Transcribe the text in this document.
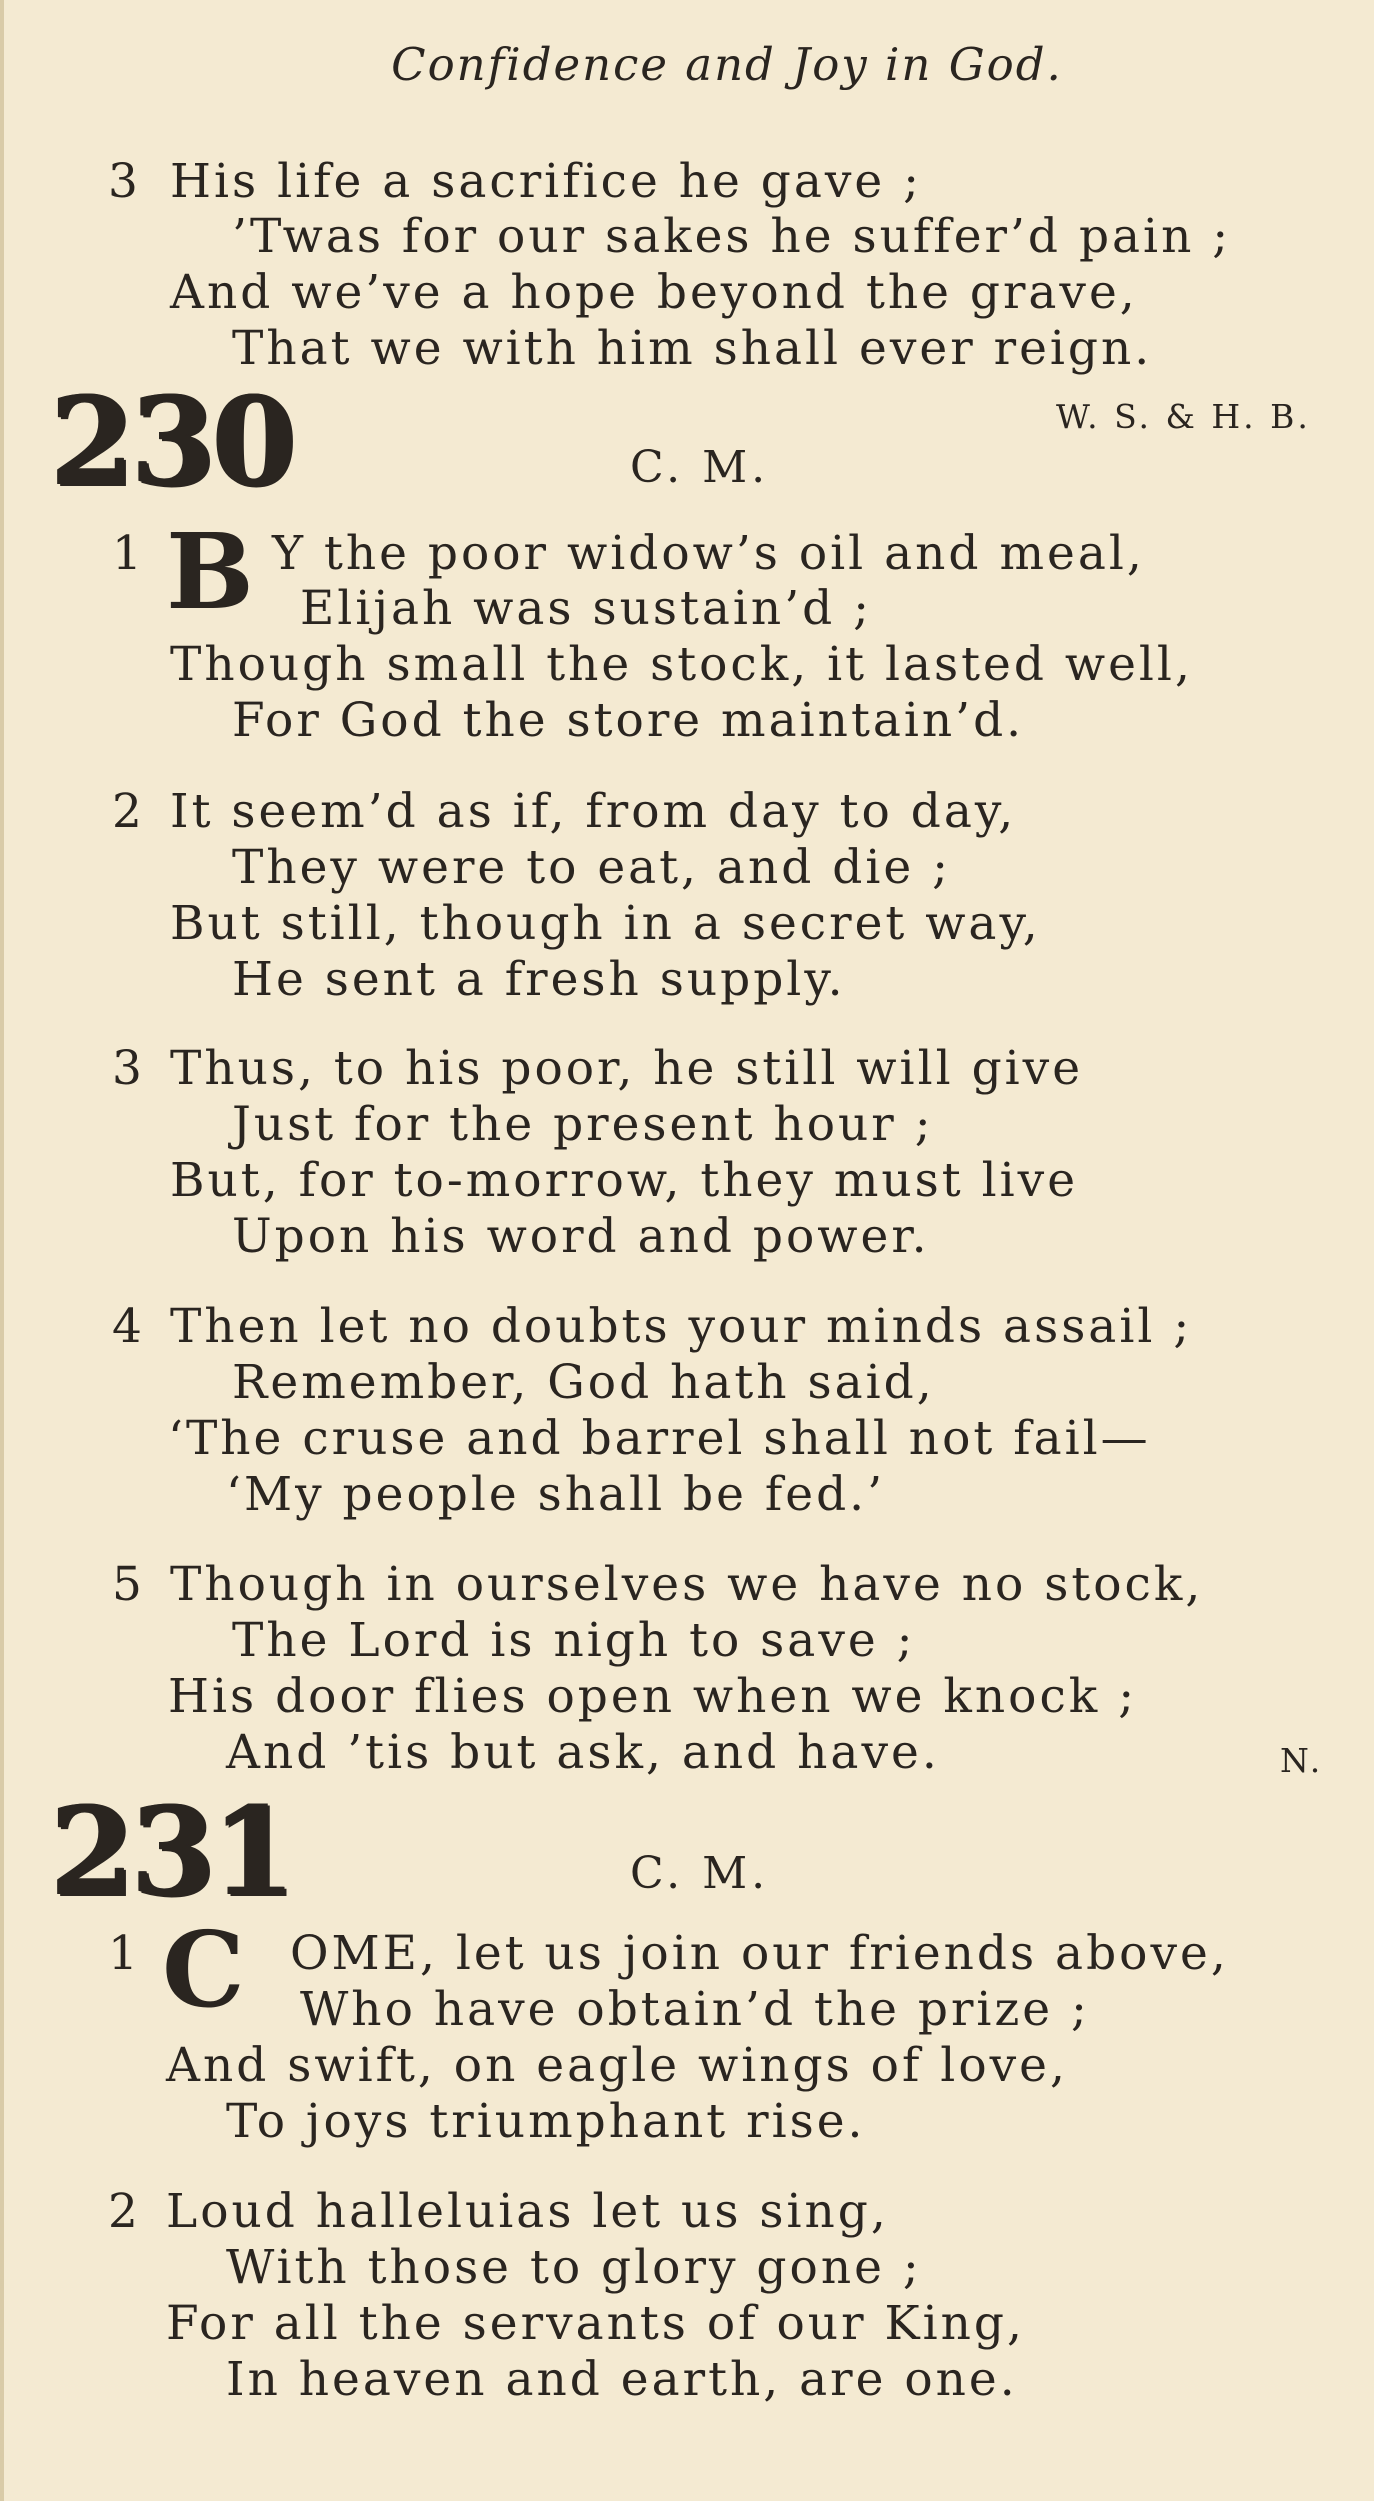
Confidence and Joy in God.
3 His life a sacrifice he gave ;
’Twas for our sakes he suffer’d pain ;
And we’ve a hope beyond the grave,
That we with him shall ever reign.
230	C. M.
W. S. & H. B.
1 B Y the poor widow’s oil and meal,
Elijah was sustain’d ;
Though small the stock, it lasted well,
For God the store maintain’d.
2 It seem’d as if, from day to day,
They were to eat, and die ;
But still, though in a secret way,
He sent a fresh supply.
3 Thus, to his poor, he still will give
Just for the present hour ;
But, for to-morrow, they must live
Upon his word and power.
4 Then let no doubts your minds assail ;
Remember, God hath said,
‘The cruse and barrel shall not fail—
‘My people shall be fed.’
5 Though in ourselves we have no stock,
The Lord is nigh to save ;
His door flies open when we knock ;
And ’tis but ask, and have.	N.
231	C. M.
1 C OME, let us join our friends above,
Who have obtain’d the prize ;
And swift, on eagle wings of love,
To joys triumphant rise.
2 Loud halleluias let us sing,
With those to glory gone ;
For all the servants of our King,
In heaven and earth, are one.
